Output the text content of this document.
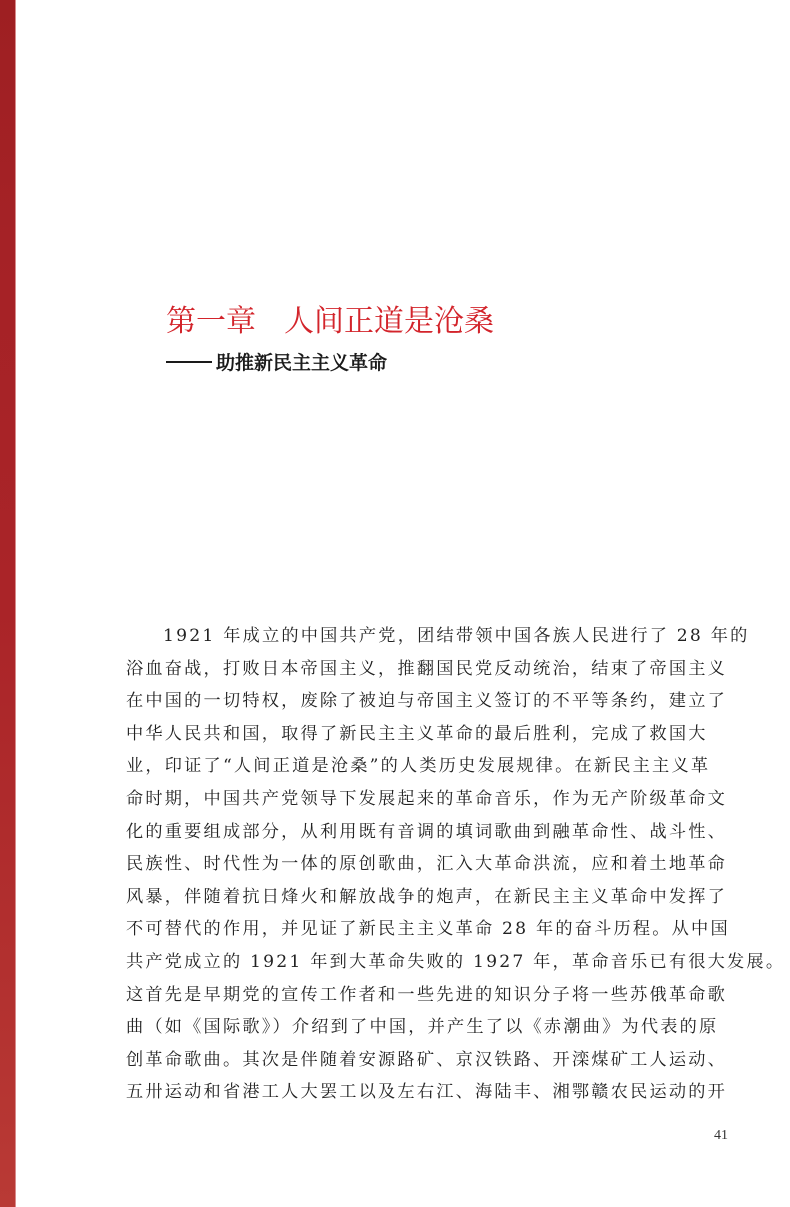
第一章 人间正道是沧桑
助推新民主主义革命
1921 年成立的中国共产党，团结带领中国各族人民进行了 28 年的
浴血奋战，打败日本帝国主义，推翻国民党反动统治，结束了帝国主义
在中国的一切特权，废除了被迫与帝国主义签订的不平等条约，建立了
中华人民共和国，取得了新民主主义革命的最后胜利，完成了救国大
业，印证了“人间正道是沧桑”的人类历史发展规律。在新民主主义革
命时期，中国共产党领导下发展起来的革命音乐，作为无产阶级革命文
化的重要组成部分，从利用既有音调的填词歌曲到融革命性、战斗性、
民族性、时代性为一体的原创歌曲，汇入大革命洪流，应和着土地革命
风暴，伴随着抗日烽火和解放战争的炮声，在新民主主义革命中发挥了
不可替代的作用，并见证了新民主主义革命 28 年的奋斗历程。从中国
共产党成立的 1921 年到大革命失败的 1927 年，革命音乐已有很大发展。
这首先是早期党的宣传工作者和一些先进的知识分子将一些苏俄革命歌
曲（如《国际歌》）介绍到了中国，并产生了以《赤潮曲》为代表的原
创革命歌曲。其次是伴随着安源路矿、京汉铁路、开滦煤矿工人运动、
五卅运动和省港工人大罢工以及左右江、海陆丰、湘鄂赣农民运动的开
41
